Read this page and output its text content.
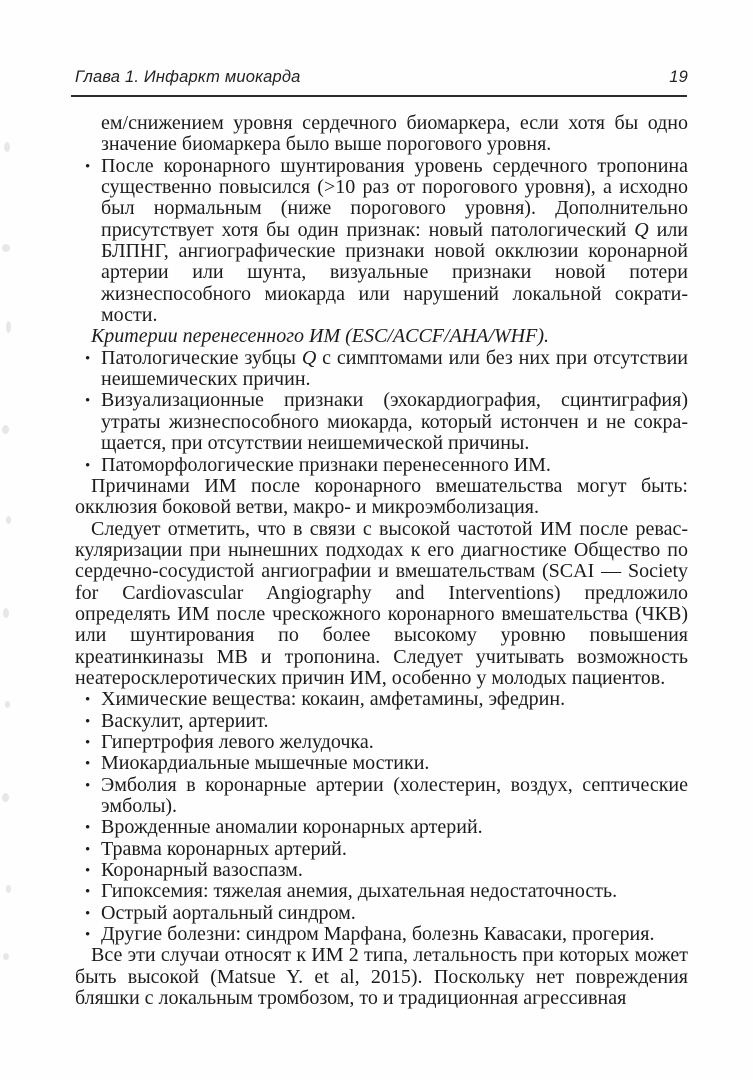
Глава 1. Инфаркт миокарда	19
ем/снижением уровня сердечного биомаркера, если хотя бы одно значение биомаркера было выше порогового уровня.
• После коронарного шунтирования уровень сердечного тропонина существенно повысился (>10 раз от порогового уровня), а исходно был нормальным (ниже порогового уровня). Дополнительно присутствует хотя бы один признак: новый патологический Q или БЛПНГ, ангиографические признаки новой окклюзии коронарной артерии или шунта, визуальные признаки новой потери жизнеспособного миокарда или нарушений локальной сократимости.
Критерии перенесенного ИМ (ESC/ACCF/AHA/WHF).
• Патологические зубцы Q с симптомами или без них при отсутствии неишемических причин.
• Визуализационные признаки (эхокардиография, сцинтиграфия) утраты жизнеспособного миокарда, который истончен и не сокращается, при отсутствии неишемической причины.
• Патоморфологические признаки перенесенного ИМ.
Причинами ИМ после коронарного вмешательства могут быть: окклюзия боковой ветви, макро- и микроэмболизация.
Следует отметить, что в связи с высокой частотой ИМ после реваскуляризации при нынешних подходах к его диагностике Общество по сердечно-сосудистой ангиографии и вмешательствам (SCAI — Society for Cardiovascular Angiography and Interventions) предложило определять ИМ после чрескожного коронарного вмешательства (ЧКВ) или шунтирования по более высокому уровню повышения креатинкиназы МВ и тропонина. Следует учитывать возможность неатеросклеротических причин ИМ, особенно у молодых пациентов.
• Химические вещества: кокаин, амфетамины, эфедрин.
• Васкулит, артериит.
• Гипертрофия левого желудочка.
• Миокардиальные мышечные мостики.
• Эмболия в коронарные артерии (холестерин, воздух, септические эмболы).
• Врожденные аномалии коронарных артерий.
• Травма коронарных артерий.
• Коронарный вазоспазм.
• Гипоксемия: тяжелая анемия, дыхательная недостаточность.
• Острый аортальный синдром.
• Другие болезни: синдром Марфана, болезнь Кавасаки, прогерия.
Все эти случаи относят к ИМ 2 типа, летальность при которых может быть высокой (Matsue Y. et al, 2015). Поскольку нет повреждения бляшки с локальным тромбозом, то и традиционная агрессивная
